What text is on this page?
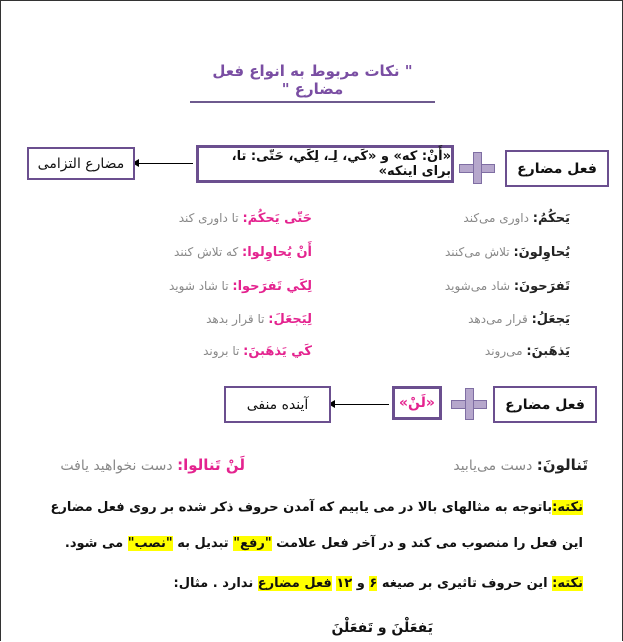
" نکات مربوط به انواع فعل مضارع "
فعل مضارع
«أَنْ: که» و «کَي، لِـ، لِکَي، حَتّی: تا، برای اینکه»
مضارع التزامی
یَحکُمُ: داوری می‌کند
حَتّی یَحکُمَ: تا داوری کند
یُحاوِلونَ: تلاش می‌کنند
أَنْ یُحاوِلوا: که تلاش کنند
تَفرَحونَ: شاد می‌شوید
لِکَي تَفرَحوا: تا شاد شوید
یَجعَلُ: قرار می‌دهد
لِیَجعَلَ: تا قرار بدهد
یَذهَبنَ: می‌روند
کَي یَذهَبنَ: تا بروند
فعل مضارع
«لَنْ»
آینده منفی
تَنالونَ: دست می‌یابید
لَنْ تَنالوا: دست نخواهید یافت
نکته:باتوجه به مثالهای بالا در می یابیم که آمدن حروف ذکر شده بر روی فعل مضارع
این فعل را منصوب می کند و در آخر فعل علامت "رفع" تبدیل به "نصب" می شود.
نکته: این حروف تاثیری بر صیغه ۶ و ۱۲ فعل مضارع ندارد . مثال:
یَفعَلْنَ و تَفعَلْنَ
